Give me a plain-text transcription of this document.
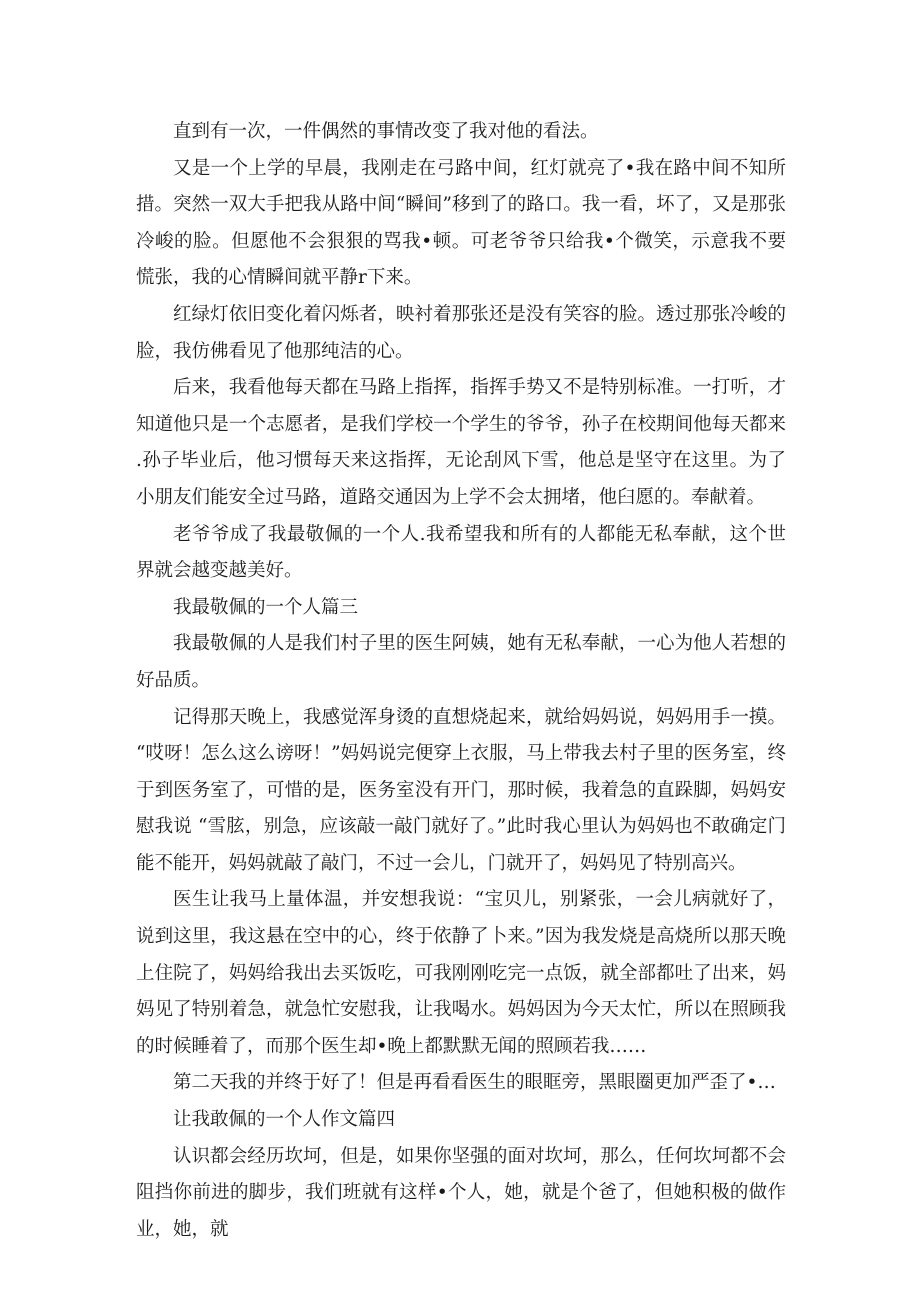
直到有一次，一件偶然的事情改变了我对他的看法。

又是一个上学的早晨，我刚走在弓路中间，红灯就亮了•我在路中间不知所措。突然一双大手把我从路中间“瞬间”移到了的路口。我一看，坏了，又是那张冷峻的脸。但愿他不会狠狠的骂我•顿。可老爷爷只给我•个微笑，示意我不要慌张，我的心情瞬间就平静r下来。

红绿灯依旧变化着闪烁者，映衬着那张还是没有笑容的脸。透过那张冷峻的脸，我仿佛看见了他那纯洁的心。

后来，我看他每天都在马路上指挥，指挥手势又不是特别标准。一打听，才知道他只是一个志愿者，是我们学校一个学生的爷爷，孙子在校期间他每天都来.孙子毕业后，他习惯每天来这指挥，无论刮风下雪，他总是坚守在这里。为了小朋友们能安全过马路，道路交通因为上学不会太拥堵，他臼愿的。奉献着。

老爷爷成了我最敬佩的一个人.我希望我和所有的人都能无私奉献，这个世界就会越变越美好。

我最敬佩的一个人篇三

我最敬佩的人是我们村子里的医生阿姨，她有无私奉献，一心为他人若想的好品质。

记得那天晚上，我感觉浑身烫的直想烧起来，就给妈妈说，妈妈用手一摸。“哎呀！怎么这么谤呀！”妈妈说完便穿上衣服，马上带我去村子里的医务室，终于到医务室了，可惜的是，医务室没有开门，那时候，我着急的直跺脚，妈妈安慰我说 “雪胘，别急，应该敲一敲门就好了。”此时我心里认为妈妈也不敢确定门能不能开，妈妈就敲了敲门，不过一会儿，门就开了，妈妈见了特别高兴。

医生让我马上量体温，并安想我说：“宝贝儿，别紧张，一会儿病就好了，说到这里，我这悬在空中的心，终于依静了卜来。”因为我发烧是高烧所以那天晚上住院了，妈妈给我出去买饭吃，可我刚刚吃完一点饭，就全部都吐了出来，妈妈见了特别着急，就急忙安慰我，让我喝水。妈妈因为今天太忙，所以在照顾我的时候睡着了，而那个医生却•晚上都默默无闻的照顾若我……

第二天我的并终于好了！但是再看看医生的眼眶旁，黑眼圈更加严歪了•…

让我敢佩的一个人作文篇四

认识都会经历坎坷，但是，如果你坚强的面对坎坷，那么，任何坎坷都不会阻挡你前进的脚步，我们班就有这样•个人，她，就是个爸了，但她积极的做作业，她，就
